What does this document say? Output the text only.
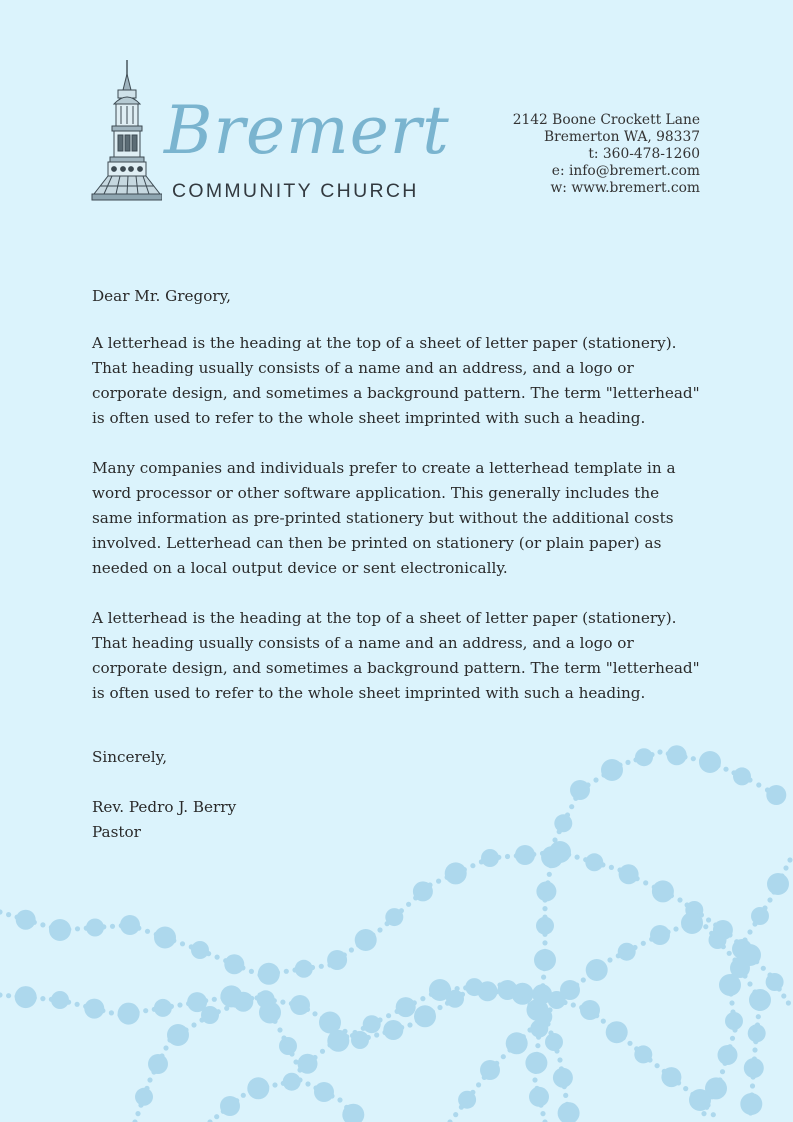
Bremert
COMMUNITY CHURCH
2142 Boone Crockett Lane
Bremerton WA, 98337
t: 360-478-1260
e: info@bremert.com
w: www.bremert.com

Dear Mr. Gregory,

A letterhead is the heading at the top of a sheet of letter paper (stationery). That heading usually consists of a name and an address, and a logo or corporate design, and sometimes a background pattern. The term "letterhead" is often used to refer to the whole sheet imprinted with such a heading.

Many companies and individuals prefer to create a letterhead template in a word processor or other software application. This generally includes the same information as pre-printed stationery but without the additional costs involved. Letterhead can then be printed on stationery (or plain paper) as needed on a local output device or sent electronically.

A letterhead is the heading at the top of a sheet of letter paper (stationery). That heading usually consists of a name and an address, and a logo or corporate design, and sometimes a background pattern. The term "letterhead" is often used to refer to the whole sheet imprinted with such a heading.

Sincerely,

Rev. Pedro J. Berry

Pastor
